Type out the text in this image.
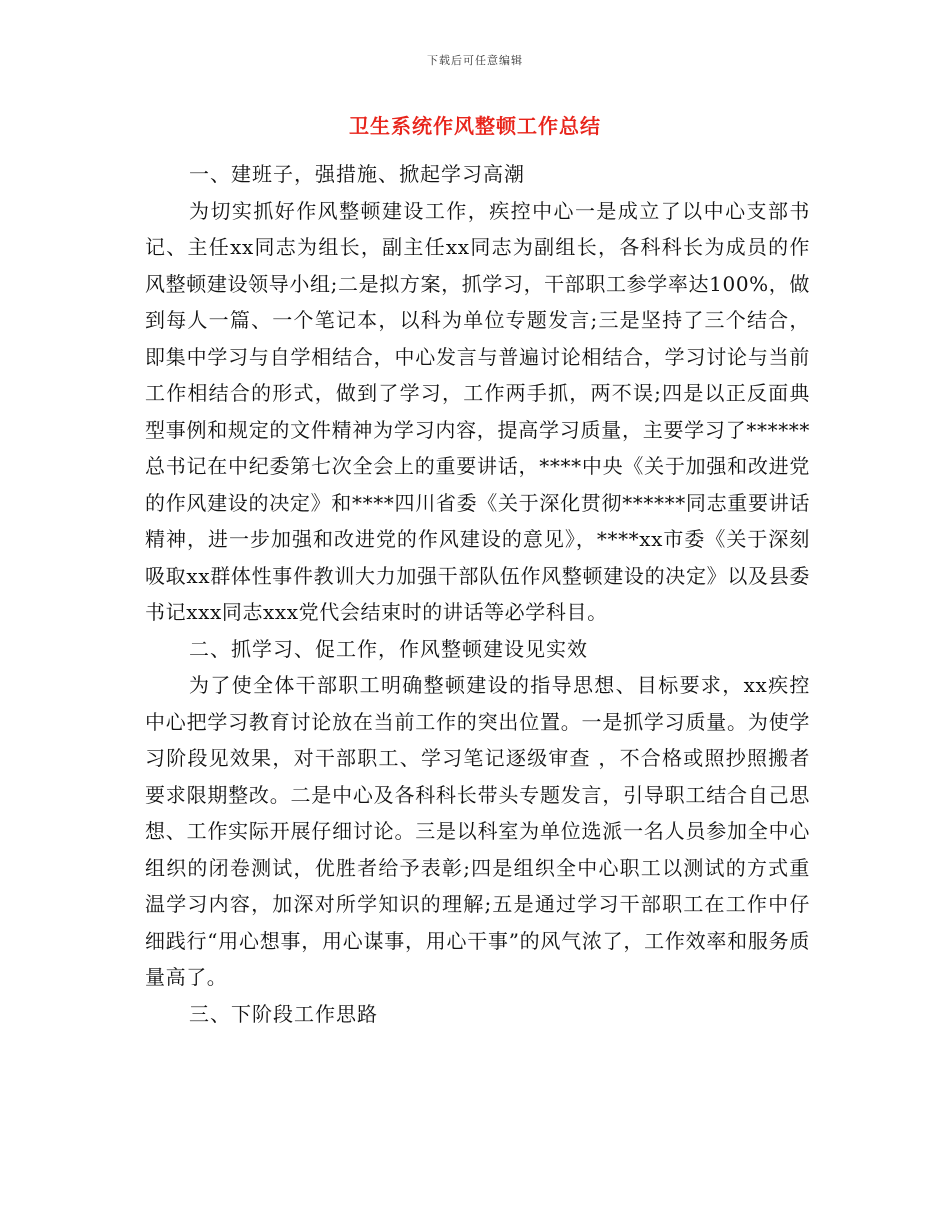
下载后可任意编辑
卫生系统作风整顿工作总结

一、建班子，强措施、掀起学习高潮

为切实抓好作风整顿建设工作，疾控中心一是成立了以中心支部书记、主任xx同志为组长，副主任xx同志为副组长，各科科长为成员的作风整顿建设领导小组;二是拟方案，抓学习，干部职工参学率达100%，做到每人一篇、一个笔记本，以科为单位专题发言;三是坚持了三个结合，即集中学习与自学相结合，中心发言与普遍讨论相结合，学习讨论与当前工作相结合的形式，做到了学习，工作两手抓，两不误;四是以正反面典型事例和规定的文件精神为学习内容，提高学习质量，主要学习了******总书记在中纪委第七次全会上的重要讲话，****中央《关于加强和改进党的作风建设的决定》和****四川省委《关于深化贯彻******同志重要讲话精神，进一步加强和改进党的作风建设的意见》，****xx市委《关于深刻吸取xx群体性事件教训大力加强干部队伍作风整顿建设的决定》以及县委书记xxx同志xxx党代会结束时的讲话等必学科目。

二、抓学习、促工作，作风整顿建设见实效

为了使全体干部职工明确整顿建设的指导思想、目标要求，xx疾控中心把学习教育讨论放在当前工作的突出位置。一是抓学习质量。为使学习阶段见效果，对干部职工、学习笔记逐级审查 ，不合格或照抄照搬者要求限期整改。二是中心及各科科长带头专题发言，引导职工结合自己思想、工作实际开展仔细讨论。三是以科室为单位选派一名人员参加全中心组织的闭卷测试，优胜者给予表彰;四是组织全中心职工以测试的方式重温学习内容，加深对所学知识的理解;五是通过学习干部职工在工作中仔细践行“用心想事，用心谋事，用心干事”的风气浓了，工作效率和服务质量高了。

三、下阶段工作思路
